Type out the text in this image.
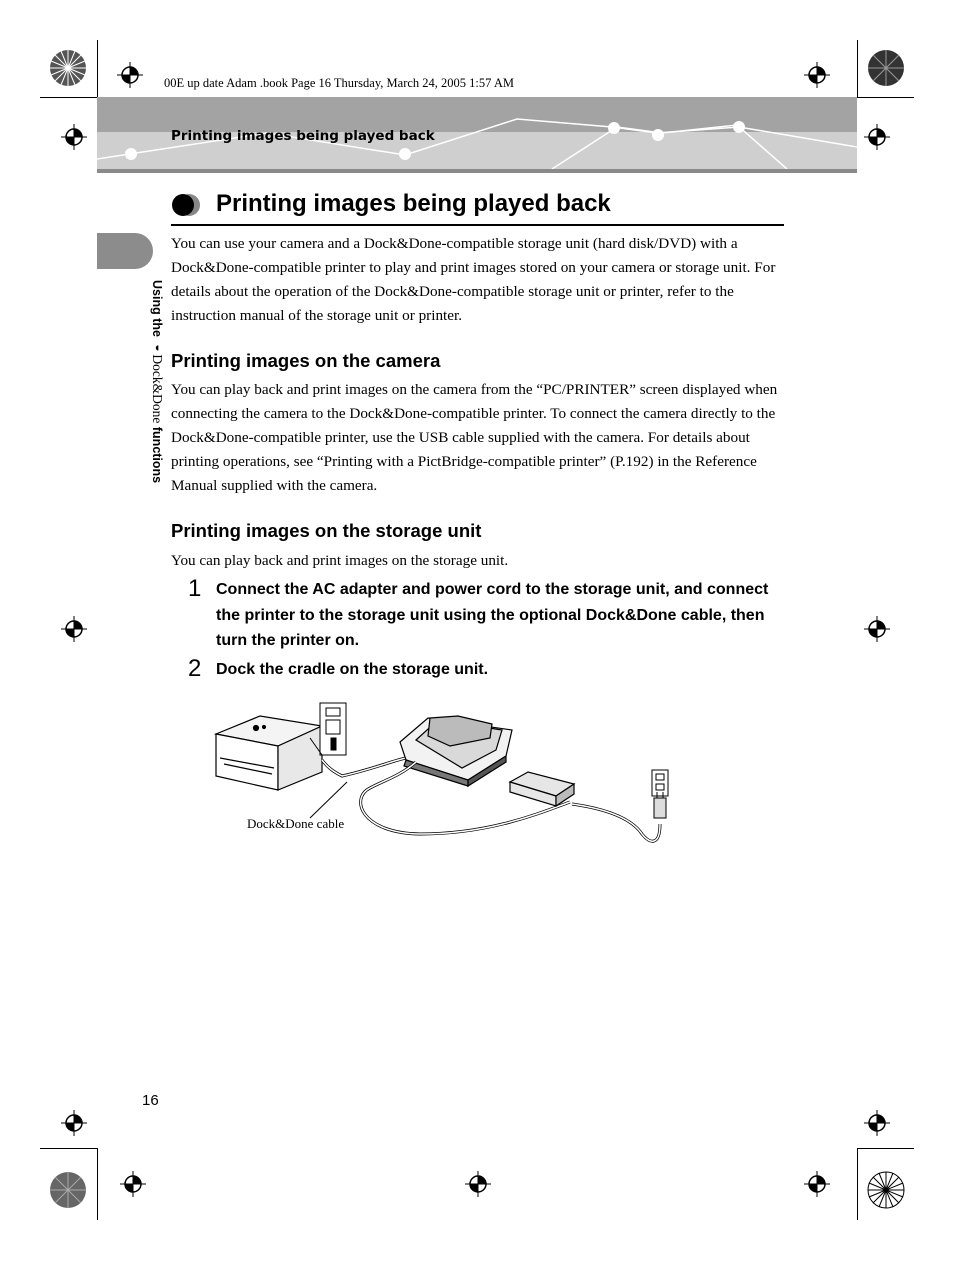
00E up date Adam .book Page 16 Thursday, March 24, 2005 1:57 AM
Printing images being played back
Using the ◖Dock&Done functions
Printing images being played back
You can use your camera and a Dock&Done-compatible storage unit (hard disk/DVD) with a Dock&Done-compatible printer to play and print images stored on your camera or storage unit. For details about the operation of the Dock&Done-compatible storage unit or printer, refer to the instruction manual of the storage unit or printer.
Printing images on the camera
You can play back and print images on the camera from the “PC/PRINTER” screen displayed when connecting the camera to the Dock&Done-compatible printer. To connect the camera directly to the Dock&Done-compatible printer, use the USB cable supplied with the camera. For details about printing operations, see “Printing with a PictBridge-compatible printer” (P.192) in the Reference Manual supplied with the camera.
Printing images on the storage unit
You can play back and print images on the storage unit.
1 Connect the AC adapter and power cord to the storage unit, and connect the printer to the storage unit using the optional Dock&Done cable, then turn the printer on.
2 Dock the cradle on the storage unit.
Dock&Done cable
16
